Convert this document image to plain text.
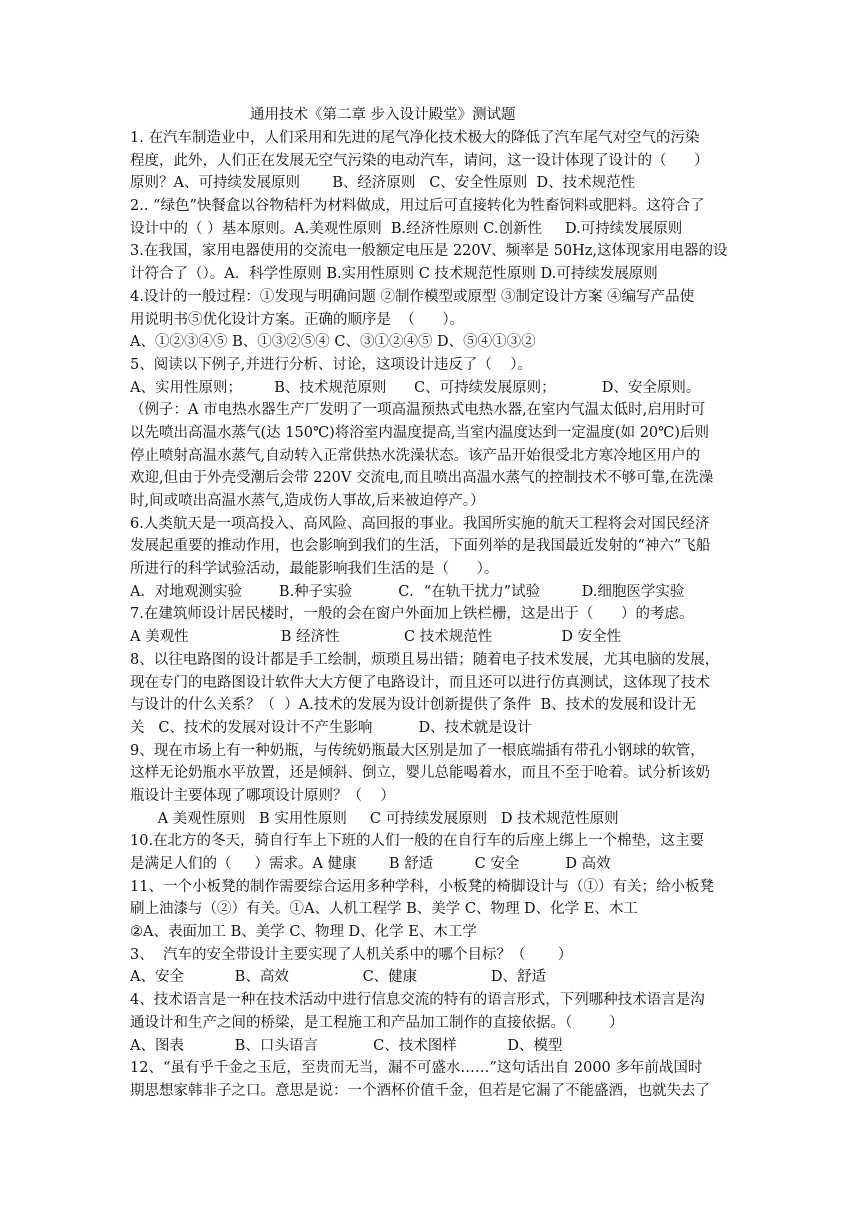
通用技术《第二章 步入设计殿堂》测试题
1. 在汽车制造业中，人们采用和先进的尾气净化技术极大的降低了汽车尾气对空气的污染
程度，此外，人们正在发展无空气污染的电动汽车，请问，这一设计体现了设计的（      ）
原则？A、可持续发展原则       B、经济原则   C、安全性原则  D、技术规范性
2.. “绿色”快餐盒以谷物秸杆为材料做成，用过后可直接转化为牲畜饲料或肥料。这符合了
设计中的（ ）基本原则。A.美观性原则  B.经济性原则 C.创新性     D.可持续发展原则
3.在我国，家用电器使用的交流电一般额定电压是 220V、频率是 50Hz,这体现家用电器的设
计符合了（）。A．科学性原则 B.实用性原则 C 技术规范性原则 D.可持续发展原则
4.设计的一般过程：①发现与明确问题 ②制作模型或原型 ③制定设计方案 ④编写产品使
用说明书⑤优化设计方案。正确的顺序是  （      ）。
A、①②③④⑤ B、①③②⑤④ C、③①②④⑤ D、⑤④①③②
5、阅读以下例子,并进行分析、讨论，这项设计违反了（    ）。
A、实用性原则；       B、技术规范原则      C、可持续发展原则；          D、安全原则。
（例子：A 市电热水器生产厂发明了一项高温预热式电热水器,在室内气温太低时,启用时可
以先喷出高温水蒸气(达 150℃)将浴室内温度提高,当室内温度达到一定温度(如 20℃)后则
停止喷射高温水蒸气,自动转入正常供热水洗澡状态。该产品开始很受北方寒冷地区用户的
欢迎,但由于外壳受潮后会带 220V 交流电,而且喷出高温水蒸气的控制技术不够可靠,在洗澡
时,间或喷出高温水蒸气,造成伤人事故,后来被迫停产。）
6.人类航天是一项高投入、高风险、高回报的事业。我国所实施的航天工程将会对国民经济
发展起重要的推动作用，也会影响到我们的生活，下面列举的是我国最近发射的“神六”飞船
所进行的科学试验活动，最能影响我们生活的是（      ）。
A．对地观测实验        B.种子实验          C．“在轨干扰力”试验         D.细胞医学实验
7.在建筑师设计居民楼时，一般的会在窗户外面加上铁栏栅，这是出于（      ）的考虑。
A 美观性                    B 经济性              C 技术规范性               D 安全性
8、以往电路图的设计都是手工绘制，烦琐且易出错；随着电子技术发展，尤其电脑的发展，
现在专门的电路图设计软件大大方便了电路设计，而且还可以进行仿真测试，这体现了技术
与设计的什么关系？（  ）A.技术的发展为设计创新提供了条件  B、技术的发展和设计无
关   C、技术的发展对设计不产生影响          D、技术就是设计
9、现在市场上有一种奶瓶，与传统奶瓶最大区别是加了一根底端插有带孔小钢球的软管，
这样无论奶瓶水平放置，还是倾斜、倒立，婴儿总能喝着水，而且不至于呛着。试分析该奶
瓶设计主要体现了哪项设计原则？（    ）
A 美观性原则   B 实用性原则     C 可持续发展原则   D 技术规范性原则
10.在北方的冬天，骑自行车上下班的人们一般的在自行车的后座上绑上一个棉垫，这主要
是满足人们的（     ）需求。A 健康       B 舒适         C 安全          D 高效
11、一个小板凳的制作需要综合运用多种学科，小板凳的椅脚设计与（①）有关；给小板凳
刷上油漆与（②）有关。①A、人机工程学 B、美学 C、物理 D、化学 E、木工
②A、表面加工 B、美学 C、物理 D、化学 E、木工学
3、  汽车的安全带设计主要实现了人机关系中的哪个目标？（       ）
A、安全           B、高效                C、健康                D、舒适
4、技术语言是一种在技术活动中进行信息交流的特有的语言形式，下列哪种技术语言是沟
通设计和生产之间的桥梁，是工程施工和产品加工制作的直接依据。（        ）
A、图表           B、口头语言            C、技术图样           D、模型
12、“虽有乎千金之玉卮，至贵而无当，漏不可盛水……”这句话出自 2000 多年前战国时
期思想家韩非子之口。意思是说：一个酒杯价值千金，但若是它漏了不能盛酒，也就失去了
